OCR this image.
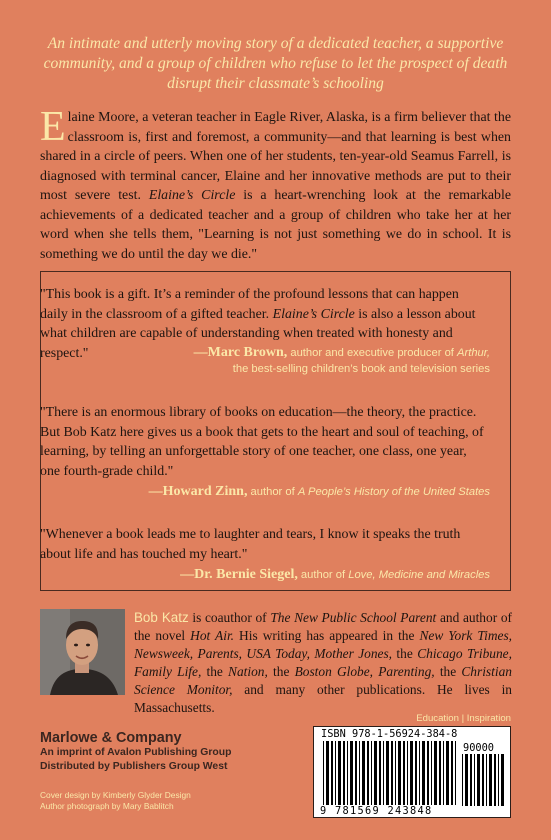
An intimate and utterly moving story of a dedicated teacher, a supportive community, and a group of children who refuse to let the prospect of death disrupt their classmate’s schooling
Elaine Moore, a veteran teacher in Eagle River, Alaska, is a firm believer that the classroom is, first and foremost, a community—and that learning is best when shared in a circle of peers. When one of her students, ten-year-old Seamus Farrell, is diagnosed with terminal cancer, Elaine and her innovative methods are put to their most severe test. Elaine’s Circle is a heart-wrenching look at the remarkable achievements of a dedicated teacher and a group of children who take her at her word when she tells them, "Learning is not just something we do in school. It is something we do until the day we die."

"This book is a gift. It’s a reminder of the profound lessons that can happen daily in the classroom of a gifted teacher. Elaine’s Circle is also a lesson about what children are capable of understanding when treated with honesty and respect."	—Marc Brown, author and executive producer of Arthur,
the best-selling children’s book and television series

"There is an enormous library of books on education—the theory, the practice. But Bob Katz here gives us a book that gets to the heart and soul of teaching, of learning, by telling an unforgettable story of one teacher, one class, one year, one fourth-grade child."

—Howard Zinn, author of A People’s History of the United States

"Whenever a book leads me to laughter and tears, I know it speaks the truth about life and has touched my heart."

—Dr. Bernie Siegel, author of Love, Medicine and Miracles
Bob Katz is coauthor of The New Public School Parent and author of the novel Hot Air. His writing has appeared in the New York Times, Newsweek, Parents, USA Today, Mother Jones, the Chicago Tribune, Family Life, the Nation, the Boston Globe, Parenting, the Christian Science Monitor, and many other publications. He lives in Massachusetts.
Education | Inspiration
Marlowe & Company
An imprint of Avalon Publishing Group
Distributed by Publishers Group West
Cover design by Kimberly Glyder Design
Author photograph by Mary Bablitch
ISBN 978-1-56924-384-8
90000
9 781569 243848
